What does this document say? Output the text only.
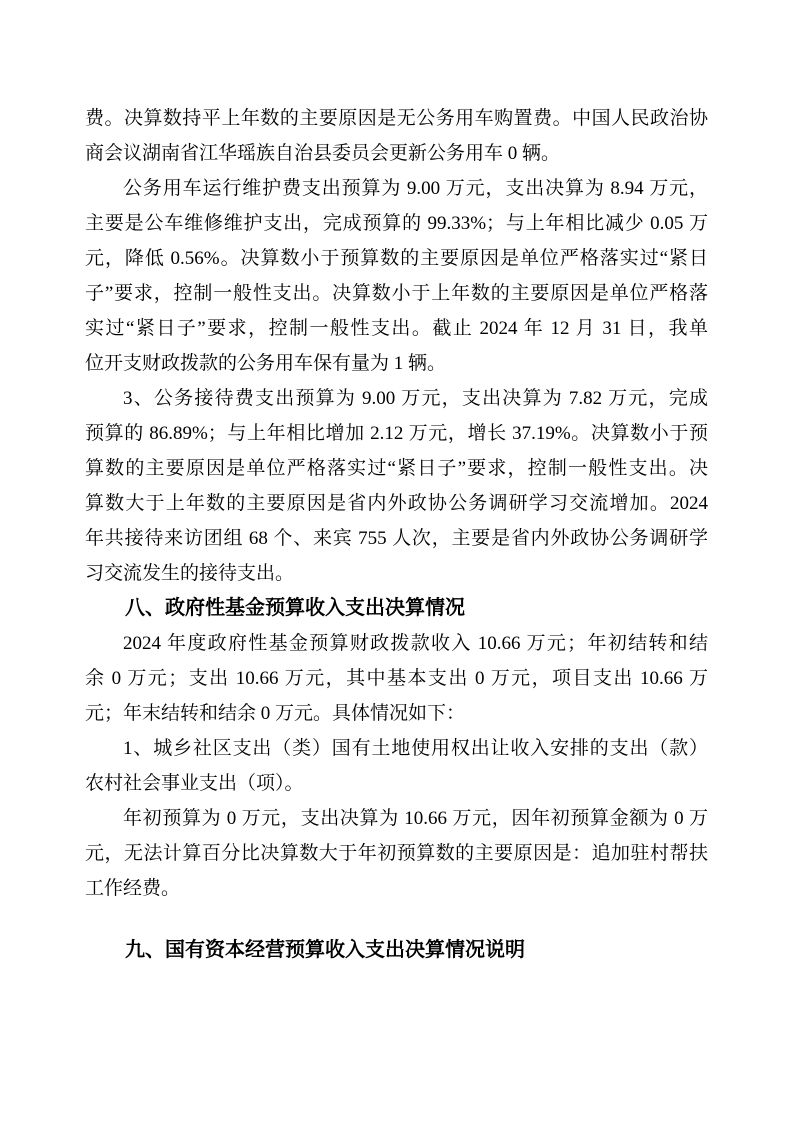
费。决算数持平上年数的主要原因是无公务用车购置费。中国人民政治协
商会议湖南省江华瑶族自治县委员会更新公务用车 0 辆。
公务用车运行维护费支出预算为 9.00 万元，支出决算为 8.94 万元，
主要是公车维修维护支出，完成预算的 99.33%；与上年相比减少 0.05 万
元，降低 0.56%。决算数小于预算数的主要原因是单位严格落实过“紧日
子”要求，控制一般性支出。决算数小于上年数的主要原因是单位严格落
实过“紧日子”要求，控制一般性支出。截止 2024 年 12 月 31 日，我单
位开支财政拨款的公务用车保有量为 1 辆。
3、公务接待费支出预算为 9.00 万元，支出决算为 7.82 万元，完成
预算的 86.89%；与上年相比增加 2.12 万元，增长 37.19%。决算数小于预
算数的主要原因是单位严格落实过“紧日子”要求，控制一般性支出。决
算数大于上年数的主要原因是省内外政协公务调研学习交流增加。2024
年共接待来访团组 68 个、来宾 755 人次，主要是省内外政协公务调研学
习交流发生的接待支出。
八、政府性基金预算收入支出决算情况
2024 年度政府性基金预算财政拨款收入 10.66 万元；年初结转和结
余 0 万元；支出 10.66 万元，其中基本支出 0 万元，项目支出 10.66 万
元；年末结转和结余 0 万元。具体情况如下：
1、城乡社区支出（类）国有土地使用权出让收入安排的支出（款）
农村社会事业支出（项）。
年初预算为 0 万元，支出决算为 10.66 万元，因年初预算金额为 0 万
元，无法计算百分比决算数大于年初预算数的主要原因是：追加驻村帮扶
工作经费。
九、国有资本经营预算收入支出决算情况说明
